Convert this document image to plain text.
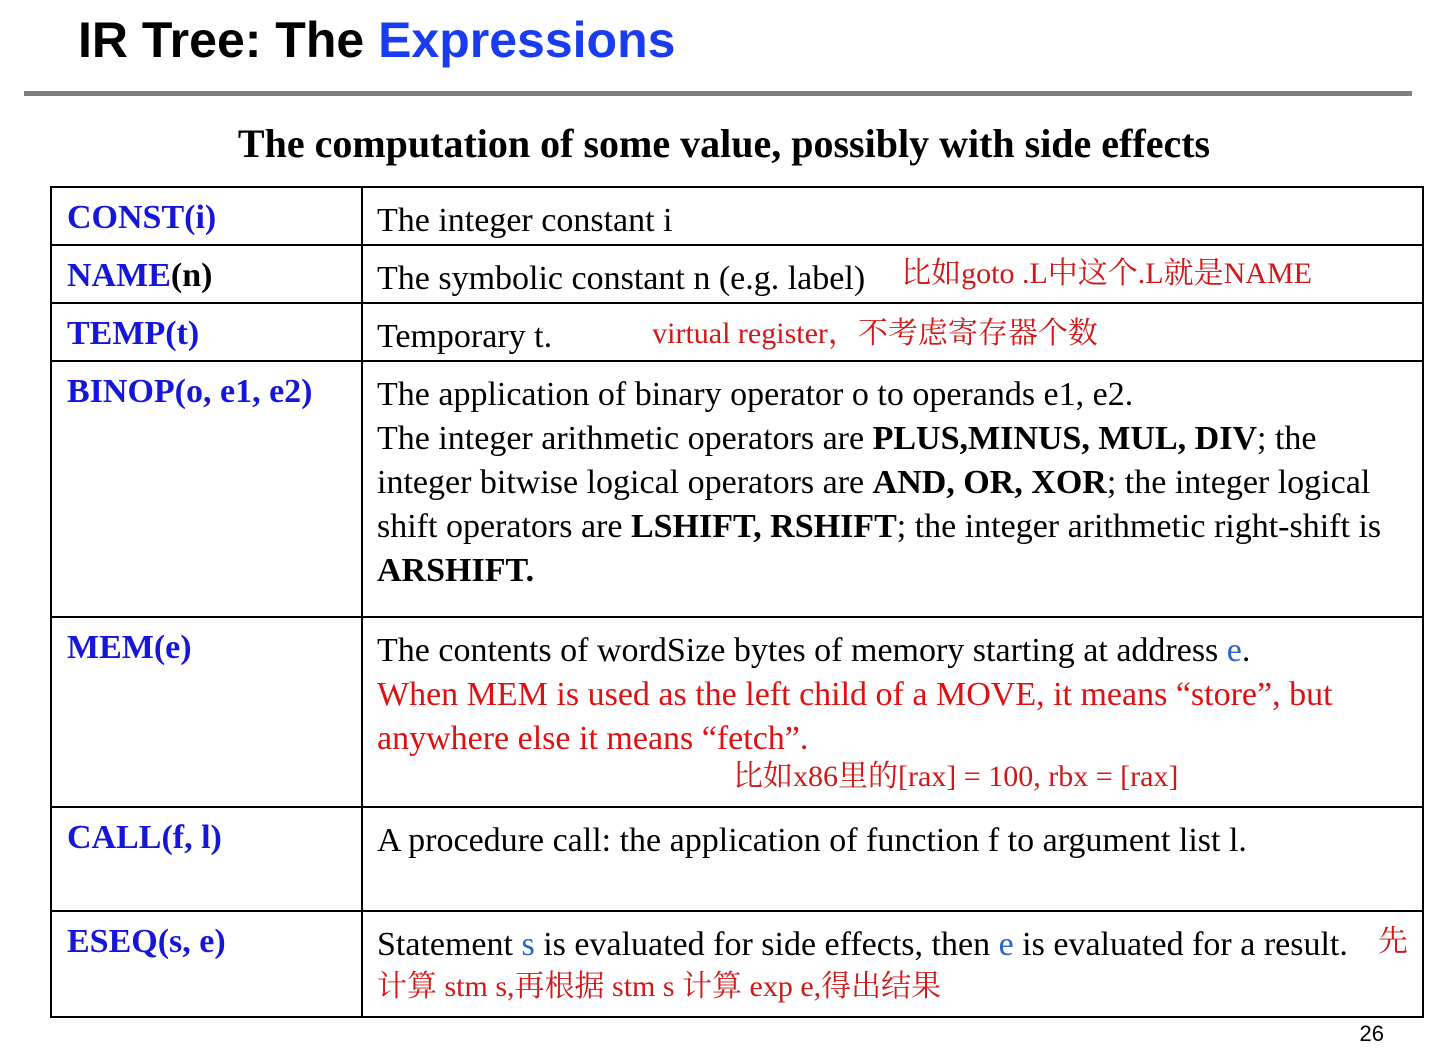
IR Tree: The Expressions
The computation of some value, possibly with side effects
CONST(i)	The integer constant i
NAME(n)	The symbolic constant n (e.g. label) 比如goto .L中这个.L就是NAME
TEMP(t)	Temporary t. virtual register，不考虑寄存器个数
BINOP(o, e1, e2)	The application of binary operator o to operands e1, e2.
The integer arithmetic operators are PLUS,MINUS, MUL, DIV; the integer bitwise logical operators are AND, OR, XOR; the integer logical shift operators are LSHIFT, RSHIFT; the integer arithmetic right-shift is ARSHIFT.

MEM(e)	The contents of wordSize bytes of memory starting at address e.
When MEM is used as the left child of a MOVE, it means “store”, but anywhere else it means “fetch”.
比如x86里的[rax] = 100, rbx = [rax]

CALL(f, l)	A procedure call: the application of function f to argument list l.
ESEQ(s, e)	Statement s is evaluated for side effects, then e is evaluated for a result. 先计算 stm s,再根据 stm s 计算 exp e,得出结果
26
